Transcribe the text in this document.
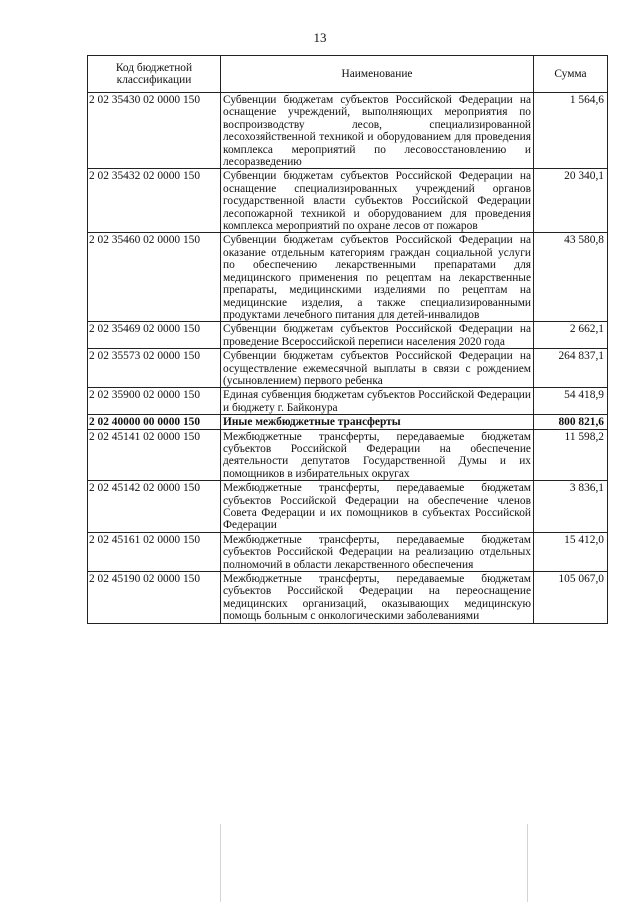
13
Код бюджетной классификации	Наименование	Сумма
2 02 35430 02 0000 150	Субвенции бюджетам субъектов Российской Федерации на оснащение учреждений, выполняющих мероприятия по воспроизводству лесов, специализированной лесохозяйственной техникой и оборудованием для проведения комплекса мероприятий по лесовосстановлению и лесоразведению	1 564,6
2 02 35432 02 0000 150	Субвенции бюджетам субъектов Российской Федерации на оснащение специализированных учреждений органов государственной власти субъектов Российской Федерации лесопожарной техникой и оборудованием для проведения комплекса мероприятий по охране лесов от пожаров	20 340,1
2 02 35460 02 0000 150	Субвенции бюджетам субъектов Российской Федерации на оказание отдельным категориям граждан социальной услуги по обеспечению лекарственными препаратами для медицинского применения по рецептам на лекарственные препараты, медицинскими изделиями по рецептам на медицинские изделия, а также специализированными продуктами лечебного питания для детей-инвалидов	43 580,8
2 02 35469 02 0000 150	Субвенции бюджетам субъектов Российской Федерации на проведение Всероссийской переписи населения 2020 года	2 662,1
2 02 35573 02 0000 150	Субвенции бюджетам субъектов Российской Федерации на осуществление ежемесячной выплаты в связи с рождением (усыновлением) первого ребенка	264 837,1
2 02 35900 02 0000 150	Единая субвенция бюджетам субъектов Российской Федерации и бюджету г. Байконура	54 418,9
2 02 40000 00 0000 150	Иные межбюджетные трансферты	800 821,6
2 02 45141 02 0000 150	Межбюджетные трансферты, передаваемые бюджетам субъектов Российской Федерации на обеспечение деятельности депутатов Государственной Думы и их помощников в избирательных округах	11 598,2
2 02 45142 02 0000 150	Межбюджетные трансферты, передаваемые бюджетам субъектов Российской Федерации на обеспечение членов Совета Федерации и их помощников в субъектах Российской Федерации	3 836,1
2 02 45161 02 0000 150	Межбюджетные трансферты, передаваемые бюджетам субъектов Российской Федерации на реализацию отдельных полномочий в области лекарственного обеспечения	15 412,0
2 02 45190 02 0000 150	Межбюджетные трансферты, передаваемые бюджетам субъектов Российской Федерации на переоснащение медицинских организаций, оказывающих медицинскую помощь больным с онкологическими заболеваниями	105 067,0
